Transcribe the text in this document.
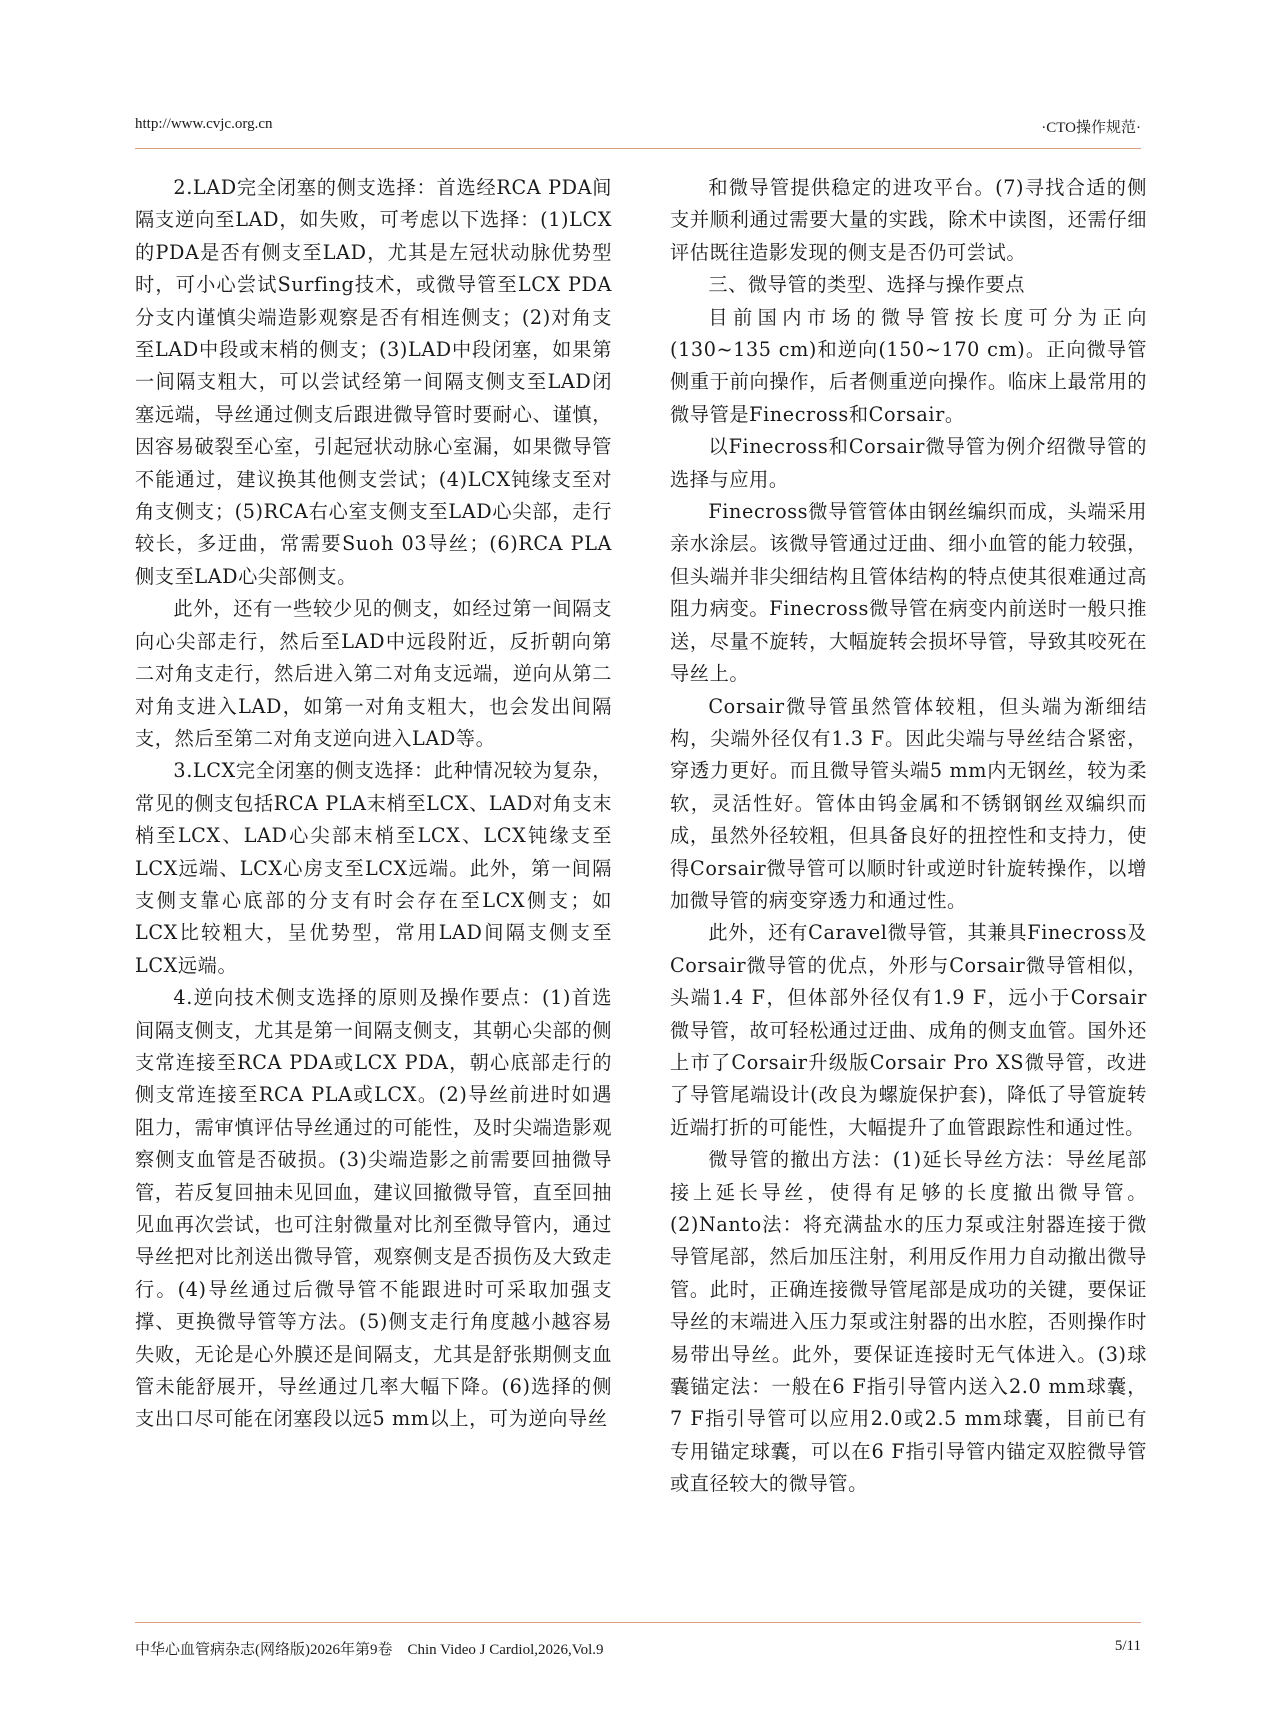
http://www.cvjc.org.cn	·CTO操作规范·

2.LAD完全闭塞的侧支选择：首选经RCA PDA间隔支逆向至LAD，如失败，可考虑以下选择：(1)LCX的PDA是否有侧支至LAD，尤其是左冠状动脉优势型时，可小心尝试Surfing技术，或微导管至LCX PDA分支内谨慎尖端造影观察是否有相连侧支；(2)对角支至LAD中段或末梢的侧支；(3)LAD中段闭塞，如果第一间隔支粗大，可以尝试经第一间隔支侧支至LAD闭塞远端，导丝通过侧支后跟进微导管时要耐心、谨慎，因容易破裂至心室，引起冠状动脉心室漏，如果微导管不能通过，建议换其他侧支尝试；(4)LCX钝缘支至对角支侧支；(5)RCA右心室支侧支至LAD心尖部，走行较长，多迂曲，常需要Suoh 03导丝；(6)RCA PLA侧支至LAD心尖部侧支。

此外，还有一些较少见的侧支，如经过第一间隔支向心尖部走行，然后至LAD中远段附近，反折朝向第二对角支走行，然后进入第二对角支远端，逆向从第二对角支进入LAD，如第一对角支粗大，也会发出间隔支，然后至第二对角支逆向进入LAD等。

3.LCX完全闭塞的侧支选择：此种情况较为复杂，常见的侧支包括RCA PLA末梢至LCX、LAD对角支末梢至LCX、LAD心尖部末梢至LCX、LCX钝缘支至LCX远端、LCX心房支至LCX远端。此外，第一间隔支侧支靠心底部的分支有时会存在至LCX侧支；如LCX比较粗大，呈优势型，常用LAD间隔支侧支至LCX远端。

4.逆向技术侧支选择的原则及操作要点：(1)首选间隔支侧支，尤其是第一间隔支侧支，其朝心尖部的侧支常连接至RCA PDA或LCX PDA，朝心底部走行的侧支常连接至RCA PLA或LCX。(2)导丝前进时如遇阻力，需审慎评估导丝通过的可能性，及时尖端造影观察侧支血管是否破损。(3)尖端造影之前需要回抽微导管，若反复回抽未见回血，建议回撤微导管，直至回抽见血再次尝试，也可注射微量对比剂至微导管内，通过导丝把对比剂送出微导管，观察侧支是否损伤及大致走行。(4)导丝通过后微导管不能跟进时可采取加强支撑、更换微导管等方法。(5)侧支走行角度越小越容易失败，无论是心外膜还是间隔支，尤其是舒张期侧支血管未能舒展开，导丝通过几率大幅下降。(6)选择的侧支出口尽可能在闭塞段以远5 mm以上，可为逆向导丝

和微导管提供稳定的进攻平台。(7)寻找合适的侧支并顺利通过需要大量的实践，除术中读图，还需仔细评估既往造影发现的侧支是否仍可尝试。

三、微导管的类型、选择与操作要点

目前国内市场的微导管按长度可分为正向(130~135 cm)和逆向(150~170 cm)。正向微导管侧重于前向操作，后者侧重逆向操作。临床上最常用的微导管是Finecross和Corsair。

以Finecross和Corsair微导管为例介绍微导管的选择与应用。

Finecross微导管管体由钢丝编织而成，头端采用亲水涂层。该微导管通过迂曲、细小血管的能力较强，但头端并非尖细结构且管体结构的特点使其很难通过高阻力病变。Finecross微导管在病变内前送时一般只推送，尽量不旋转，大幅旋转会损坏导管，导致其咬死在导丝上。

Corsair微导管虽然管体较粗，但头端为渐细结构，尖端外径仅有1.3 F。因此尖端与导丝结合紧密，穿透力更好。而且微导管头端5 mm内无钢丝，较为柔软，灵活性好。管体由钨金属和不锈钢钢丝双编织而成，虽然外径较粗，但具备良好的扭控性和支持力，使得Corsair微导管可以顺时针或逆时针旋转操作，以增加微导管的病变穿透力和通过性。

此外，还有Caravel微导管，其兼具Finecross及Corsair微导管的优点，外形与Corsair微导管相似，头端1.4 F，但体部外径仅有1.9 F，远小于Corsair微导管，故可轻松通过迂曲、成角的侧支血管。国外还上市了Corsair升级版Corsair Pro XS微导管，改进了导管尾端设计(改良为螺旋保护套)，降低了导管旋转近端打折的可能性，大幅提升了血管跟踪性和通过性。

微导管的撤出方法：(1)延长导丝方法：导丝尾部接上延长导丝，使得有足够的长度撤出微导管。(2)Nanto法：将充满盐水的压力泵或注射器连接于微导管尾部，然后加压注射，利用反作用力自动撤出微导管。此时，正确连接微导管尾部是成功的关键，要保证导丝的末端进入压力泵或注射器的出水腔，否则操作时易带出导丝。此外，要保证连接时无气体进入。(3)球囊锚定法：一般在6 F指引导管内送入2.0 mm球囊，7 F指引导管可以应用2.0或2.5 mm球囊，目前已有专用锚定球囊，可以在6 F指引导管内锚定双腔微导管或直径较大的微导管。

中华心血管病杂志(网络版)2026年第9卷　Chin Video J Cardiol,2026,Vol.9	5/11
